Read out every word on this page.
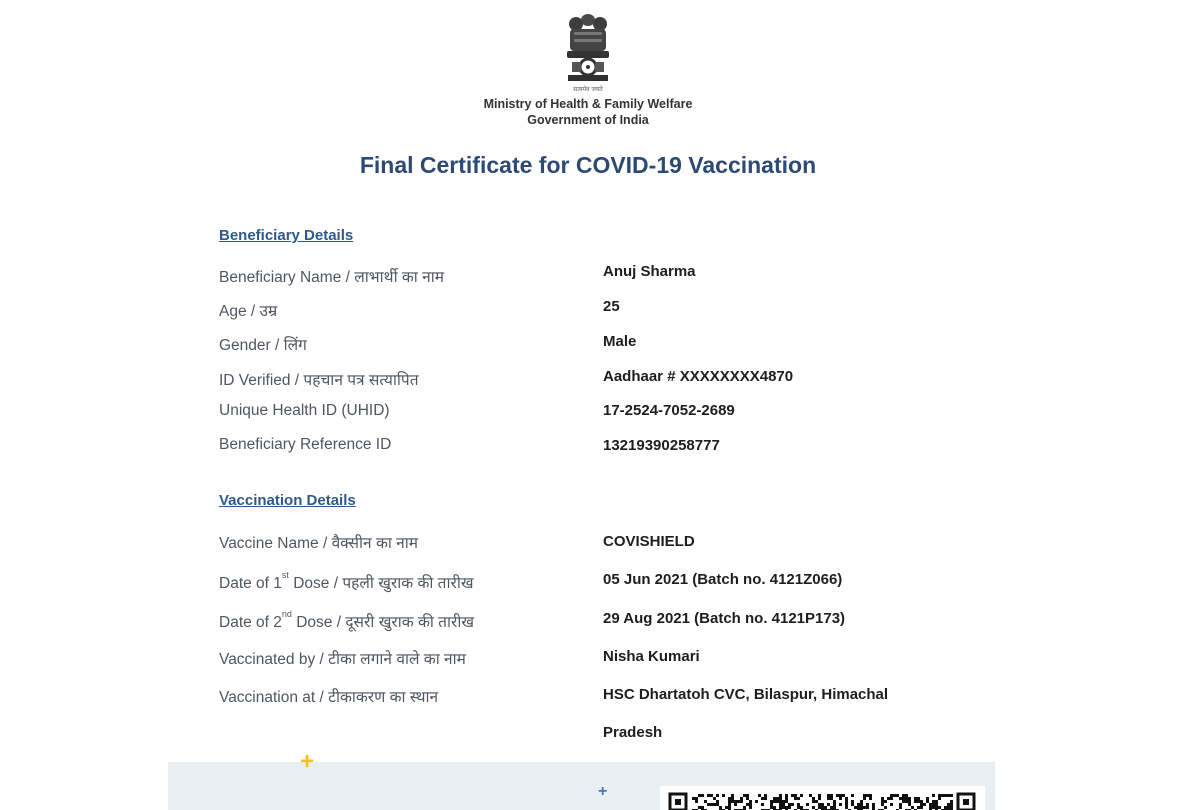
सत्यमेव जयते
Ministry of Health & Family Welfare
Government of India
Final Certificate for COVID-19 Vaccination
Beneficiary Details
Beneficiary Name / लाभार्थी का नाम	Anuj Sharma
Age / उम्र	25
Gender / लिंग	Male
ID Verified / पहचान पत्र सत्यापित	Aadhaar # XXXXXXXX4870
Unique Health ID (UHID)	17-2524-7052-2689
Beneficiary Reference ID	13219390258777
Vaccination Details
Vaccine Name / वैक्सीन का नाम	COVISHIELD
Date of 1st Dose / पहली खुराक की तारीख	05 Jun 2021 (Batch no. 4121Z066)
Date of 2nd Dose / दूसरी खुराक की तारीख	29 Aug 2021 (Batch no. 4121P173)
Vaccinated by / टीका लगाने वाले का नाम	Nisha Kumari
Vaccination at / टीकाकरण का स्थान	HSC Dhartatoh CVC, Bilaspur, Himachal
Pradesh
+
+
